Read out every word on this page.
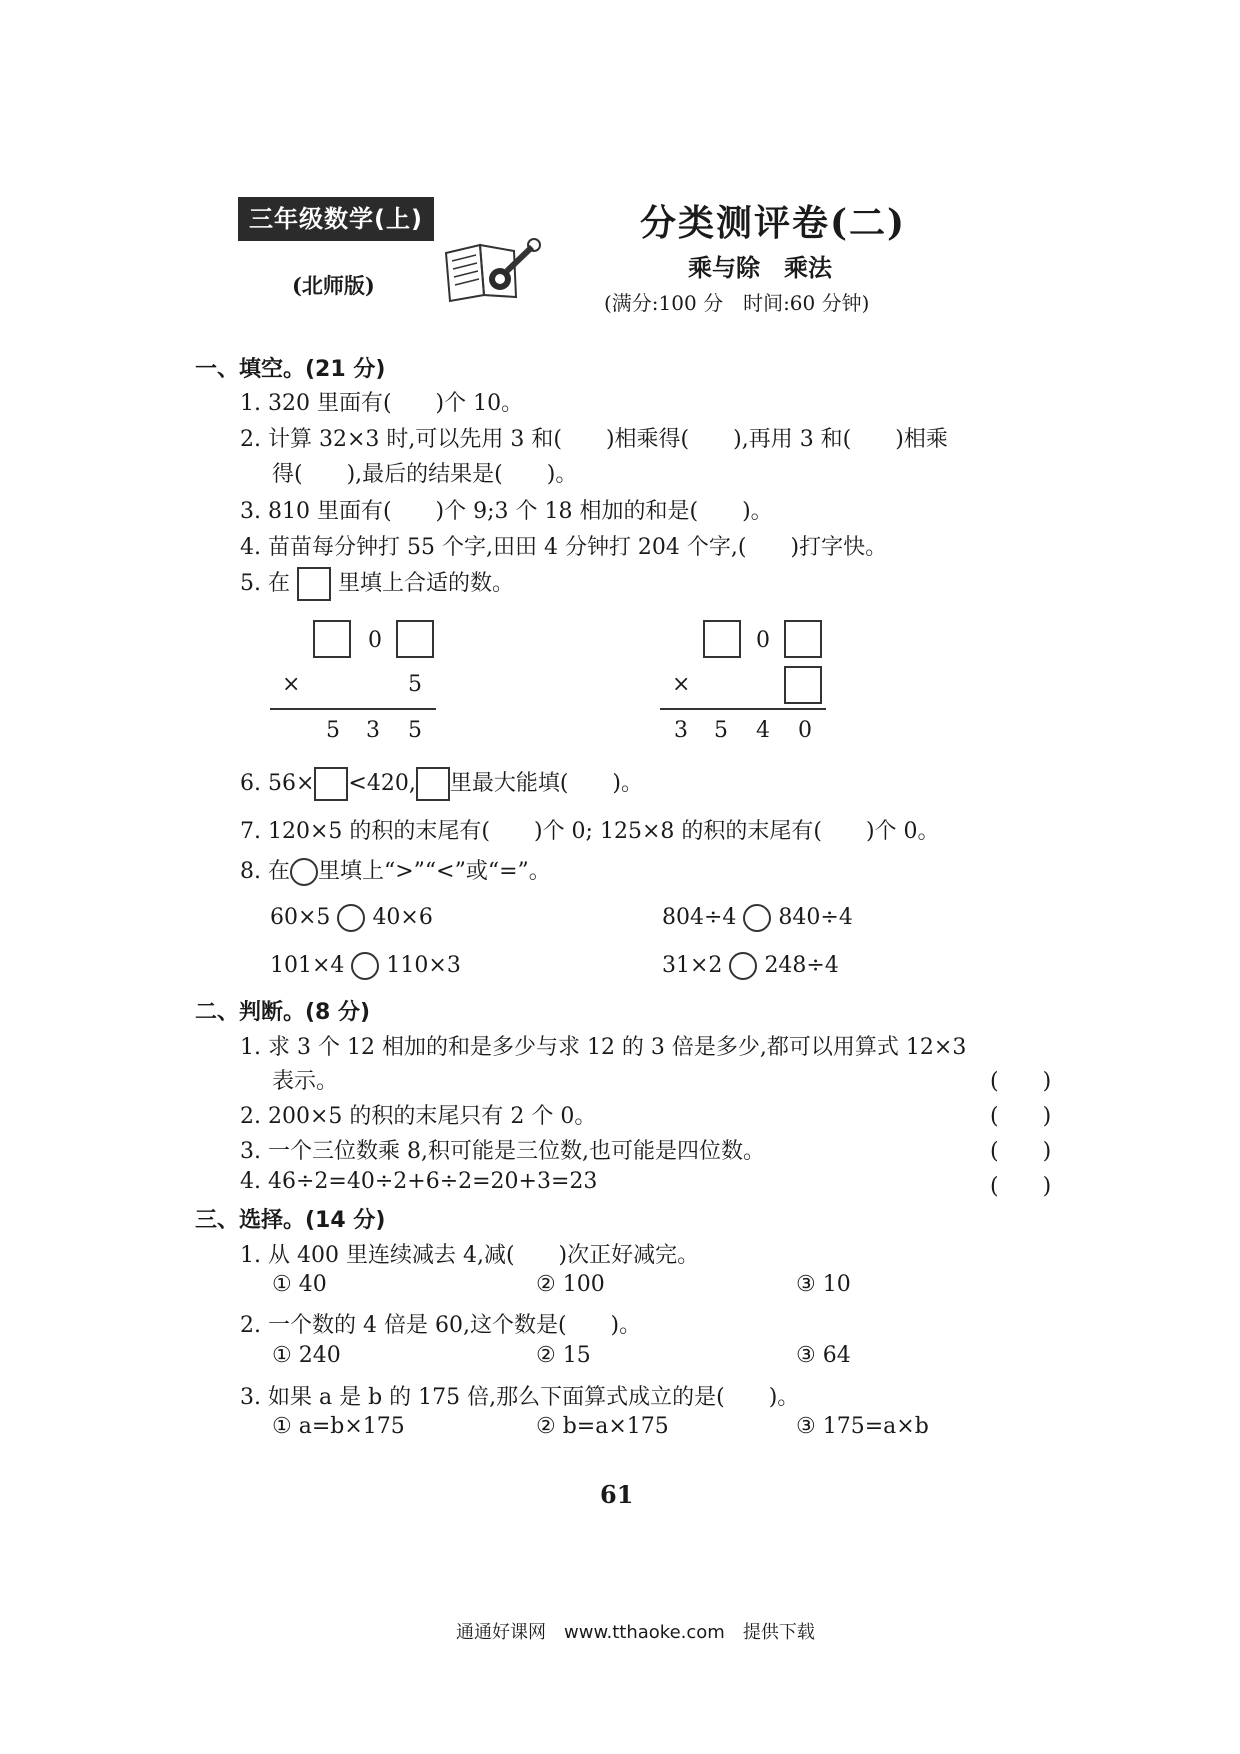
三年级数学(上)
(北师版)
分类测评卷(二)
乘与除　乘法
(满分:100 分　时间:60 分钟)
一、填空。(21 分)
1. 320 里面有(　　)个 10。
2. 计算 32×3 时,可以先用 3 和(　　)相乘得(　　),再用 3 和(　　)相乘
得(　　),最后的结果是(　　)。
3. 810 里面有(　　)个 9;3 个 18 相加的和是(　　)。
4. 苗苗每分钟打 55 个字,田田 4 分钟打 204 个字,(　　)打字快。
5. 在 里填上合适的数。
0
×	5
5 3 5
0
×
3 5 4 0
6. 56× <420, 里最大能填(　　)。
7. 120×5 的积的末尾有(　　)个 0; 125×8 的积的末尾有(　　)个 0。
8. 在 里填上“>”“<”或“=”。
60×5 40×6	804÷4 840÷4
101×4 110×3	31×2 248÷4
二、判断。(8 分)
1. 求 3 个 12 相加的和是多少与求 12 的 3 倍是多少,都可以用算式 12×3
表示。	(　　)
2. 200×5 的积的末尾只有 2 个 0。	(　　)
3. 一个三位数乘 8,积可能是三位数,也可能是四位数。	(　　)
4. 46÷2=40÷2+6÷2=20+3=23	(　　)
三、选择。(14 分)
1. 从 400 里连续减去 4,减(　　)次正好减完。
① 40	② 100	③ 10
2. 一个数的 4 倍是 60,这个数是(　　)。
① 240	② 15	③ 64
3. 如果 a 是 b 的 175 倍,那么下面算式成立的是(　　)。
① a=b×175	② b=a×175	③ 175=a×b
61
通通好课网　www.tthaoke.com　提供下载
